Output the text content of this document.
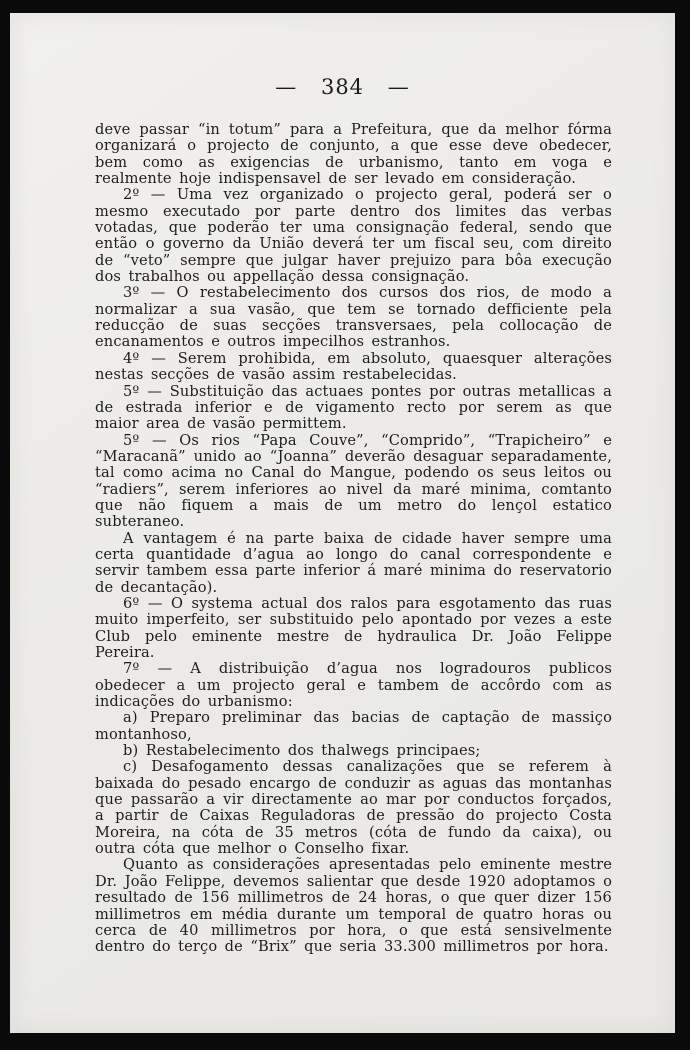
— 384 —

deve passar “in totum” para a Prefeitura, que da melhor fórma organizará o projecto de conjunto, a que esse deve obedecer, bem como as exigencias de urbanismo, tanto em voga e realmente hoje indispensavel de ser levado em consideração.

2º — Uma vez organizado o projecto geral, poderá ser o mesmo executado por parte dentro dos limites das verbas votadas, que poderão ter uma consignação federal, sendo que então o governo da União deverá ter um fiscal seu, com direito de “veto” sempre que julgar haver prejuizo para bôa execução dos trabalhos ou appellação dessa consignação.

3º — O restabelecimento dos cursos dos rios, de modo a normalizar a sua vasão, que tem se tornado defficiente pela reducção de suas secções transversaes, pela collocação de encanamentos e outros impecilhos estranhos.

4º — Serem prohibida, em absoluto, quaesquer alterações nestas secções de vasão assim restabelecidas.

5º — Substituição das actuaes pontes por outras metallicas a de estrada inferior e de vigamento recto por serem as que maior area de vasão permittem.

5º — Os rios “Papa Couve”, “Comprido”, “Trapicheiro” e “Maracanã” unido ao “Joanna” deverão desaguar separadamente, tal como acima no Canal do Mangue, podendo os seus leitos ou “radiers”, serem inferiores ao nivel da maré minima, comtanto que não fiquem a mais de um metro do lençol estatico subteraneo.

A vantagem é na parte baixa de cidade haver sempre uma certa quantidade d’agua ao longo do canal correspondente e servir tambem essa parte inferior á maré minima do reservatorio de decantação).

6º — O systema actual dos ralos para esgotamento das ruas muito imperfeito, ser substituido pelo apontado por vezes a este Club pelo eminente mestre de hydraulica Dr. João Felippe Pereira.

7º — A distribuição d’agua nos logradouros publicos obedecer a um projecto geral e tambem de accôrdo com as indicações do urbanismo:

a) Preparo preliminar das bacias de captação de massiço montanhoso,

b) Restabelecimento dos thalwegs principaes;

c) Desafogamento dessas canalizações que se referem à baixada do pesado encargo de conduzir as aguas das montanhas que passarão a vir directamente ao mar por conductos forçados, a partir de Caixas Reguladoras de pressão do projecto Costa Moreira, na cóta de 35 metros (cóta de fundo da caixa), ou outra cóta que melhor o Conselho fixar.

Quanto as considerações apresentadas pelo eminente mestre Dr. João Felippe, devemos salientar que desde 1920 adoptamos o resultado de 156 millimetros de 24 horas, o que quer dizer 156 millimetros em média durante um temporal de quatro horas ou cerca de 40 millimetros por hora, o que está sensivelmente dentro do terço de “Brix” que seria 33.300 millimetros por hora.
